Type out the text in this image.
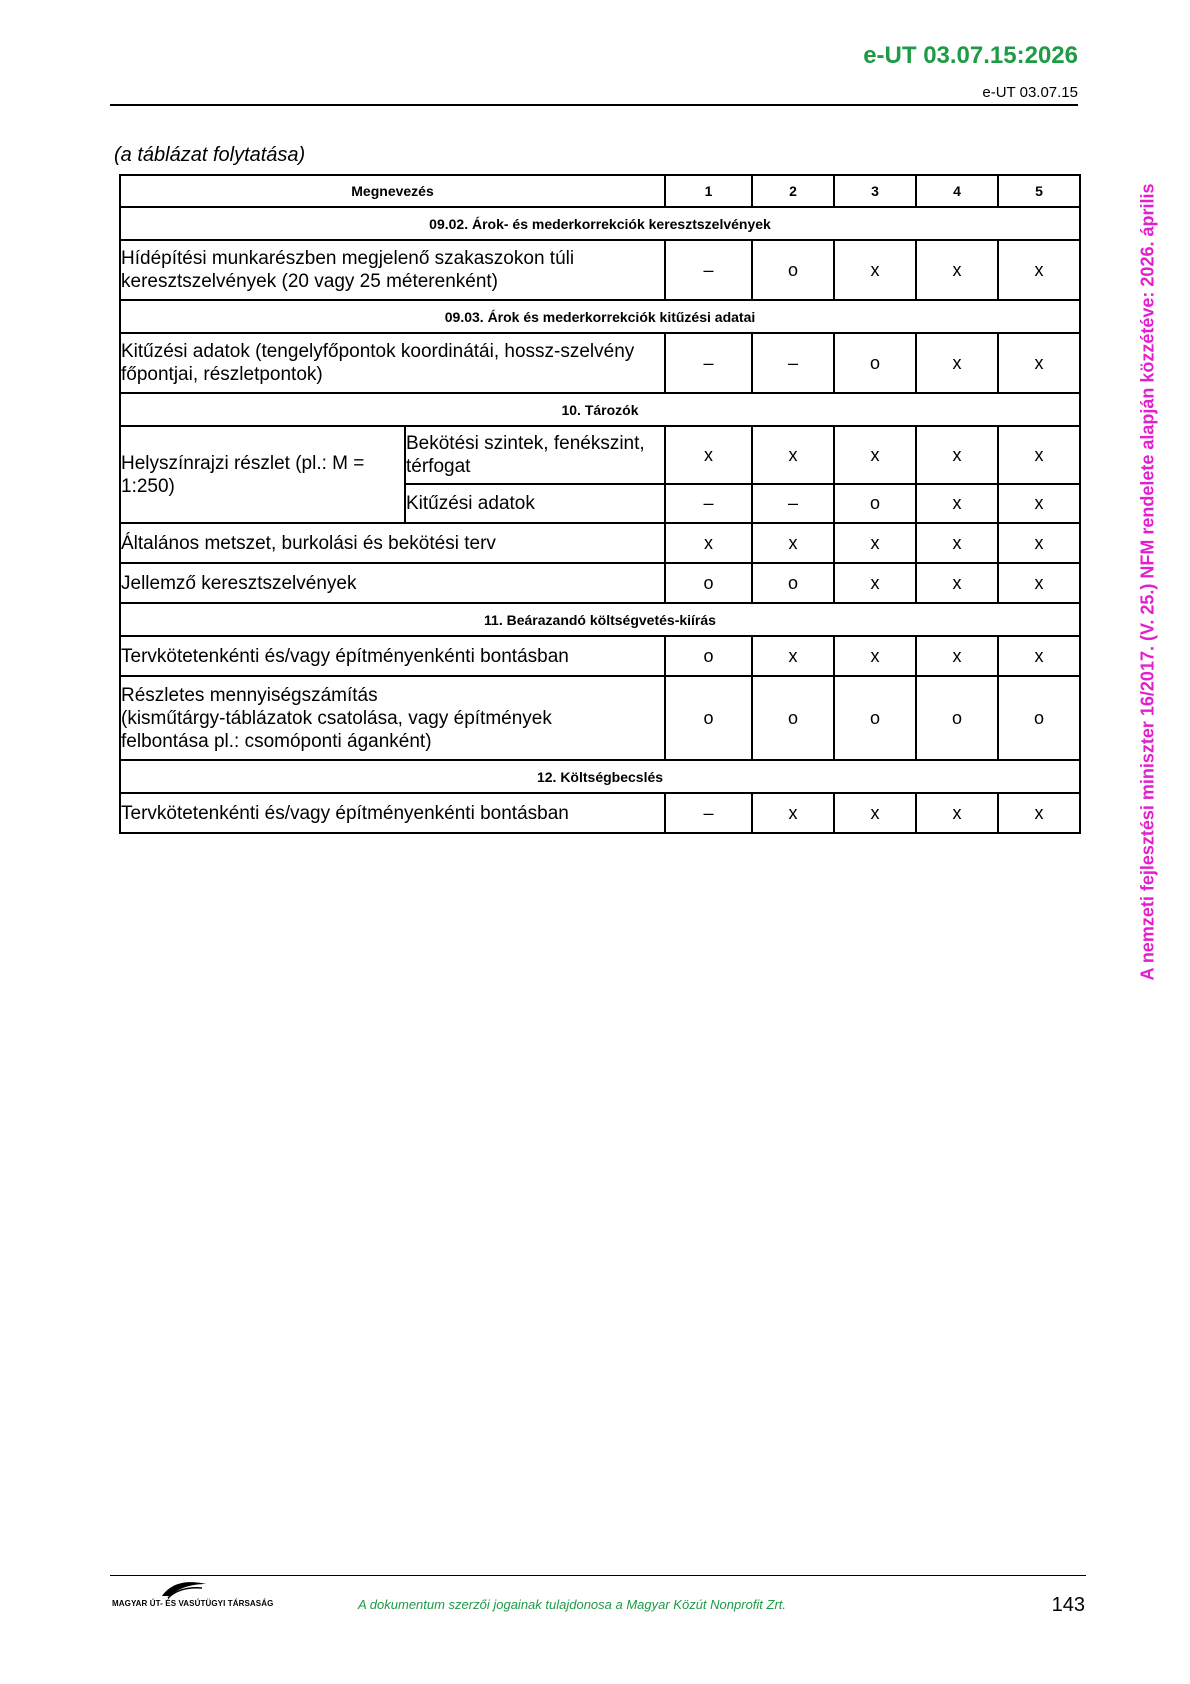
e-UT 03.07.15:2026
e-UT 03.07.15
(a táblázat folytatása)
Megnevezés		1	2	3	4	5
09.02. Árok- és mederkorrekciók keresztszelvények						
Hídépítési munkarészben megjelenő szakaszokon túli keresztszelvények (20 vagy 25 méterenként)		–	o	x	x	x
09.03. Árok és mederkorrekciók kitűzési adatai						
Kitűzési adatok (tengelyfőpontok koordinátái, hossz-szelvény főpontjai, részletpontok)		–	–	o	x	x
10. Tározók						
Helyszínrajzi részlet (pl.: M = 1:250)	Bekötési szintek, fenékszint, térfogat	x	x	x	x	x
	Kitűzési adatok	–	–	o	x	x
Általános metszet, burkolási és bekötési terv		x	x	x	x	x
Jellemző keresztszelvények		o	o	x	x	x
11. Beárazandó költségvetés-kiírás						
Tervkötetenkénti és/vagy építményenkénti bontásban		o	x	x	x	x

Részletes mennyiségszámítás
(kisműtárgy-táblázatok csatolása, vagy építmények
felbontása pl.: csomóponti áganként)		o	o	o	o	o
12. Költségbecslés						
Tervkötetenkénti és/vagy építményenkénti bontásban		–	x	x	x	x	A nemzeti fejlesztési miniszter 16/2017. (V. 25.) NFM rendelete alapján közzétéve: 2026. április
MAGYAR ÚT- ÉS VASÚTÜGYI TÁRSASÁG	A dokumentum szerzői jogainak tulajdonosa a Magyar Közút Nonprofit Zrt.	143
